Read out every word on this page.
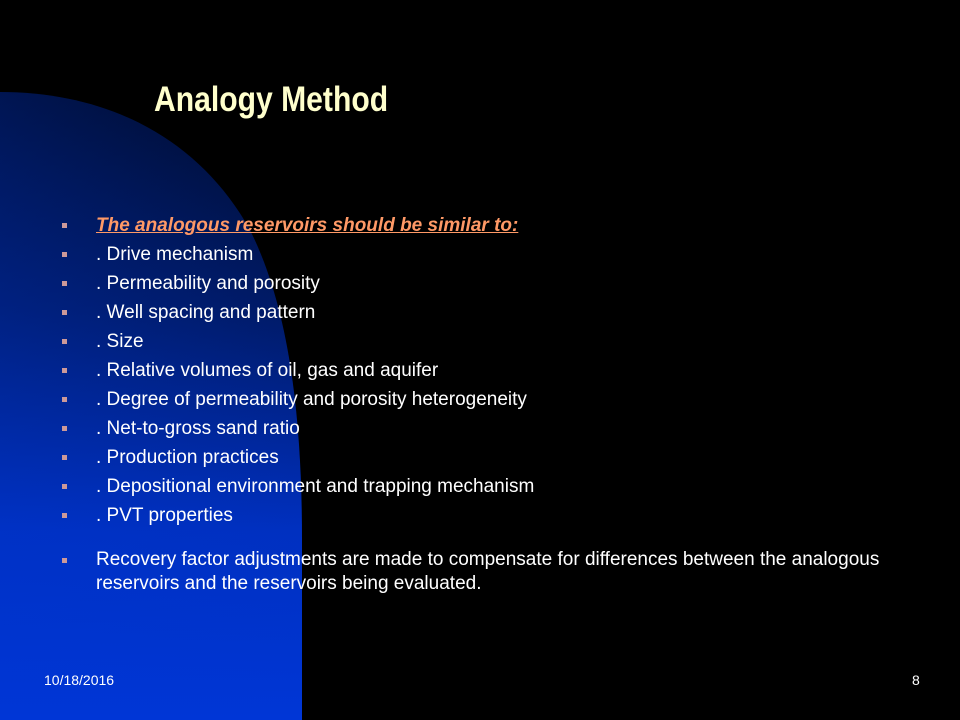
Analogy Method
The analogous reservoirs should be similar to:
. Drive mechanism
. Permeability and porosity
. Well spacing and pattern
. Size
. Relative volumes of oil, gas and aquifer
. Degree of permeability and porosity heterogeneity
. Net-to-gross sand ratio
. Production practices
. Depositional environment and trapping mechanism
. PVT properties
Recovery factor adjustments are made to compensate for differences between the analogous reservoirs and the reservoirs being evaluated.
10/18/2016	8
